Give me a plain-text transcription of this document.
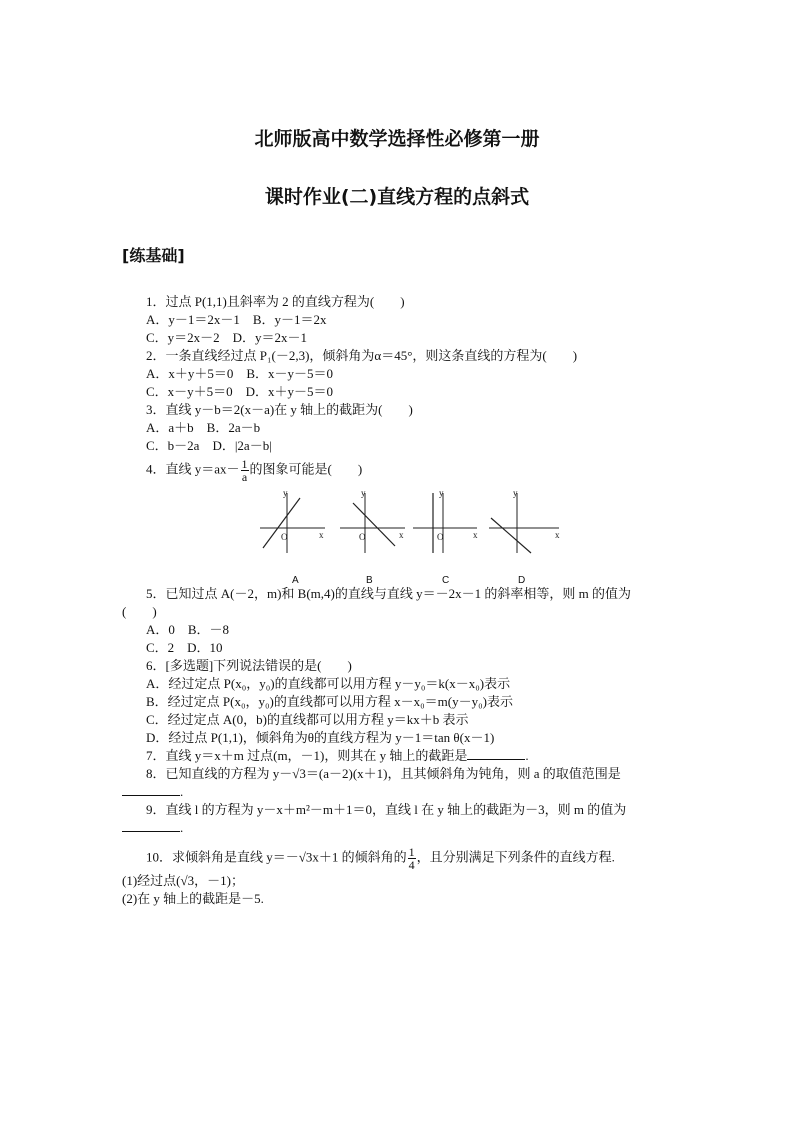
北师版高中数学选择性必修第一册
课时作业(二)直线方程的点斜式
[练基础]
1．过点 P(1,1)且斜率为 2 的直线方程为(　　)
A．y－1＝2x－1　B．y－1＝2x
C．y＝2x－2　D．y＝2x－1
2．一条直线经过点 P₁(－2,3)，倾斜角为α＝45°，则这条直线的方程为(　　)
A．x＋y＋5＝0　B．x－y－5＝0
C．x－y＋5＝0　D．x＋y－5＝0
3．直线 y－b＝2(x－a)在 y 轴上的截距为(　　)
A．a＋b　B．2a－b
C．b－2a　D．|2a－b|
4．直线 $y=ax- \frac{1}{a}$ 的图象可能是(　　)
y
x
O
y
x
O
y
x
O
y
x
A	B	C	D
5．已知过点 A(－2，m)和 B(m,4)的直线与直线 y＝－2x－1 的斜率相等，则 m 的值为
(　　)
A．0　B．－8
C．2　D．10
6．[多选题]下列说法错误的是(　　)
A．经过定点 P(x₀，y₀)的直线都可以用方程 y－y₀＝k(x－x₀)表示
B．经过定点 P(x₀，y₀)的直线都可以用方程 x－x₀＝m(y－y₀)表示
C．经过定点 A(0，b)的直线都可以用方程 y＝kx＋b 表示
D．经过点 P(1,1)，倾斜角为θ的直线方程为 y－1＝tan θ(x－1)
7．直线 y＝x＋m 过点(m，－1)，则其在 y 轴上的截距是	.
8．已知直线的方程为 y－√3＝(a－2)(x＋1)，且其倾斜角为钝角，则 a 的取值范围是
.
9．直线 l 的方程为 y－x＋m²－m＋1＝0，直线 l 在 y 轴上的截距为－3，则 m 的值为
.
10．求倾斜角是直线 y＝－√3x＋1 的倾斜角的 $\frac{1}{4}$ ，且分别满足下列条件的直线方程.
(1)经过点(√3，－1)；
(2)在 y 轴上的截距是－5.
